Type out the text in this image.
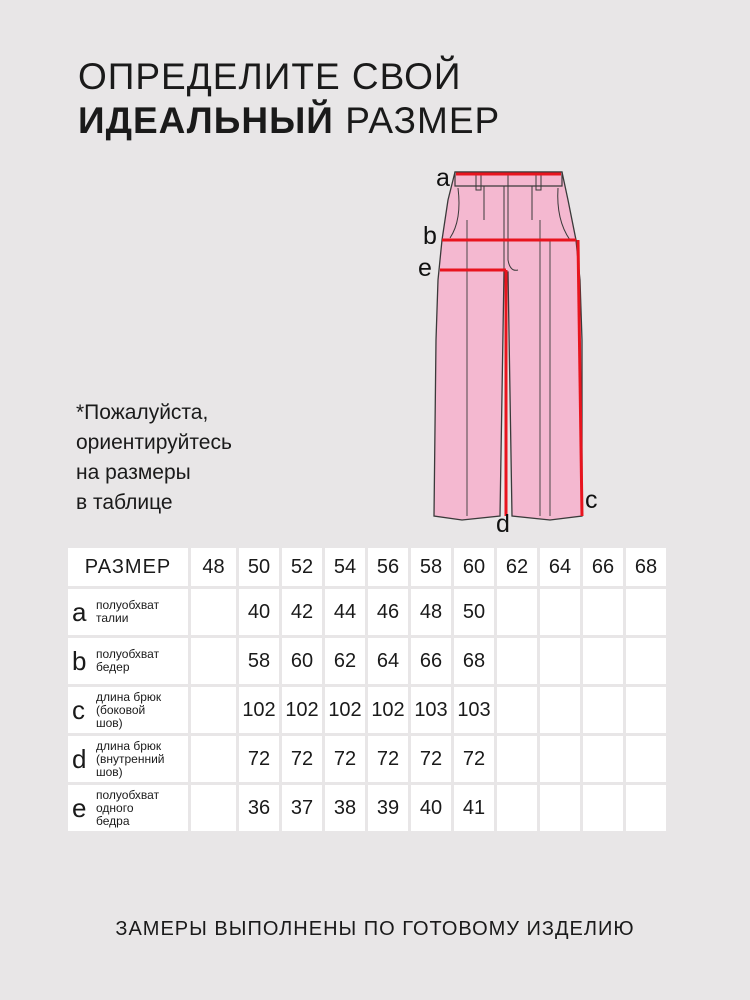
ОПРЕДЕЛИТЕ СВОЙ
ИДЕАЛЬНЫЙ РАЗМЕР
*Пожалуйста,
ориентируйтесь
на размеры
в таблице
a
b
e
c
d
РАЗМЕР	48	50	52	54	56	58	60	62	64	66	68

a полуобхват
талии		40	42	44	46	48	50				

b полуобхват
бедер		58	60	62	64	66	68				

c длина брюк
(боковой
шов)		102	102	102	102	103	103				

d длина брюк
(внутренний
шов)		72	72	72	72	72	72				

e полуобхват
одного
бедра		36	37	38	39	40	41				
ЗАМЕРЫ ВЫПОЛНЕНЫ ПО ГОТОВОМУ ИЗДЕЛИЮ
